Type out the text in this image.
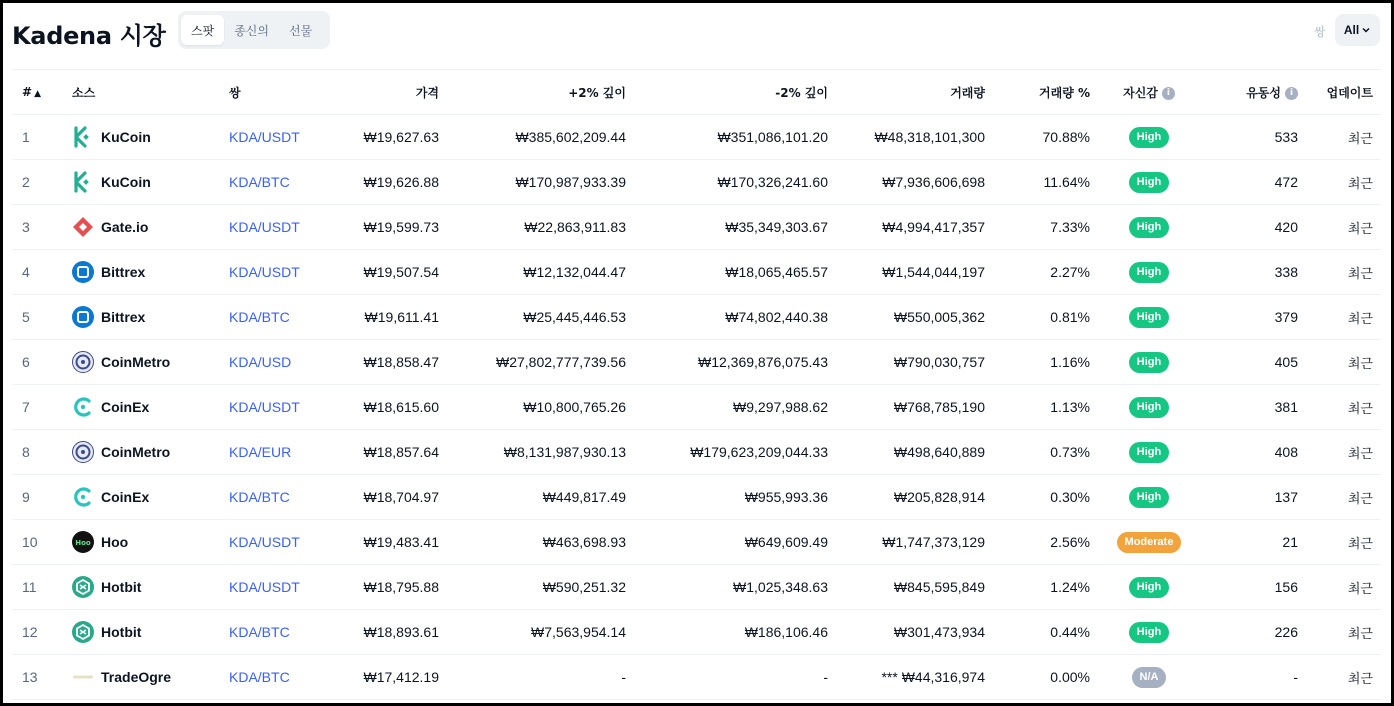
Kadena 시장	스팟	종신의	선물	쌍 All
# ▲	소스	쌍	가격	+2% 깊이	-2% 깊이	거래량	거래량 %	자신감 i	유동성 i	업데이트
1	KuCoin	KDA/USDT	₩19,627.63	₩385,602,209.44	₩351,086,101.20	₩48,318,101,300	70.88%	High	533	최근
2	KuCoin	KDA/BTC	₩19,626.88	₩170,987,933.39	₩170,326,241.60	₩7,936,606,698	11.64%	High	472	최근
3	Gate.io	KDA/USDT	₩19,599.73	₩22,863,911.83	₩35,349,303.67	₩4,994,417,357	7.33%	High	420	최근
4	Bittrex	KDA/USDT	₩19,507.54	₩12,132,044.47	₩18,065,465.57	₩1,544,044,197	2.27%	High	338	최근
5	Bittrex	KDA/BTC	₩19,611.41	₩25,445,446.53	₩74,802,440.38	₩550,005,362	0.81%	High	379	최근
6	CoinMetro	KDA/USD	₩18,858.47	₩27,802,777,739.56	₩12,369,876,075.43	₩790,030,757	1.16%	High	405	최근
7	CoinEx	KDA/USDT	₩18,615.60	₩10,800,765.26	₩9,297,988.62	₩768,785,190	1.13%	High	381	최근
8	CoinMetro	KDA/EUR	₩18,857.64	₩8,131,987,930.13	₩179,623,209,044.33	₩498,640,889	0.73%	High	408	최근
9	CoinEx	KDA/BTC	₩18,704.97	₩449,817.49	₩955,993.36	₩205,828,914	0.30%	High	137	최근
10	Hoo Hoo	KDA/USDT	₩19,483.41	₩463,698.93	₩649,609.49	₩1,747,373,129	2.56%	Moderate	21	최근
11	Hotbit	KDA/USDT	₩18,795.88	₩590,251.32	₩1,025,348.63	₩845,595,849	1.24%	High	156	최근
12	Hotbit	KDA/BTC	₩18,893.61	₩7,563,954.14	₩186,106.46	₩301,473,934	0.44%	High	226	최근
13	TradeOgre	KDA/BTC	₩17,412.19	-	-	*** ₩44,316,974	0.00%	N/A	-	최근
